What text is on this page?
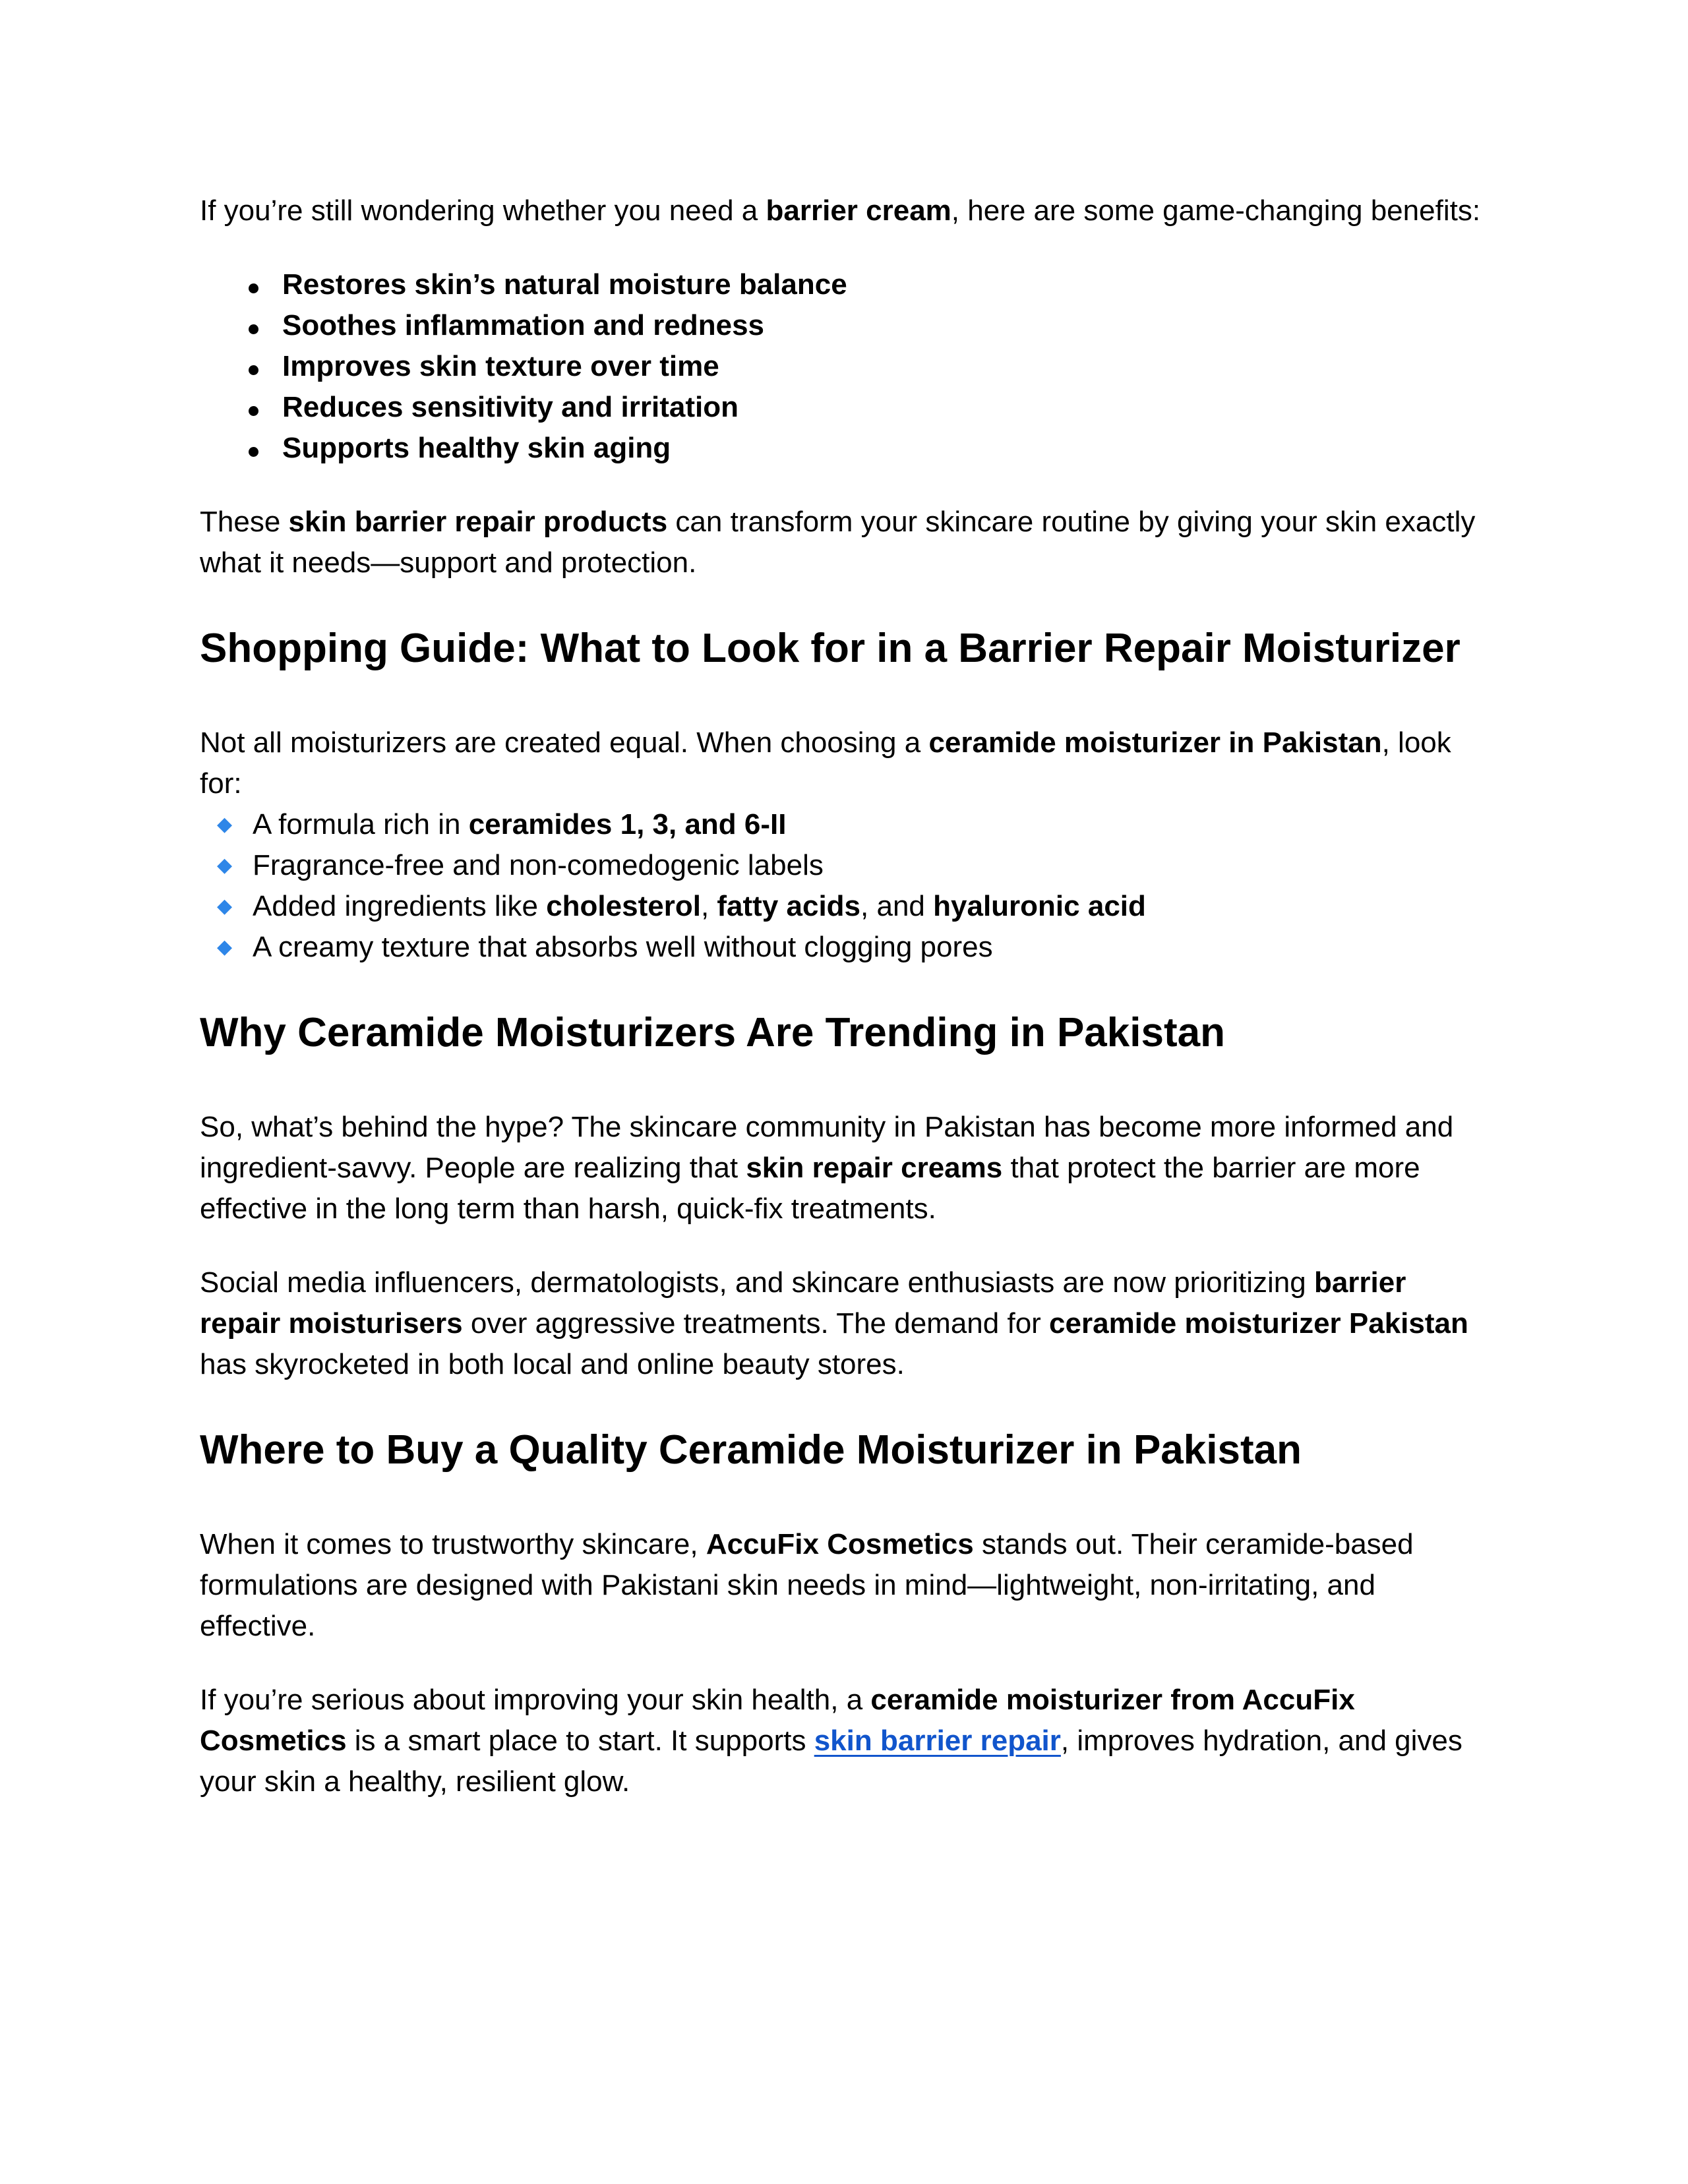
If you’re still wondering whether you need a barrier cream, here are some game-changing benefits:

Restores skin’s natural moisture balance
Soothes inflammation and redness
Improves skin texture over time
Reduces sensitivity and irritation
Supports healthy skin aging

These skin barrier repair products can transform your skincare routine by giving your skin exactly what it needs—support and protection.

Shopping Guide: What to Look for in a Barrier Repair Moisturizer

Not all moisturizers are created equal. When choosing a ceramide moisturizer in Pakistan, look for:

◆ A formula rich in ceramides 1, 3, and 6-II
◆ Fragrance-free and non-comedogenic labels
◆ Added ingredients like cholesterol, fatty acids, and hyaluronic acid
◆ A creamy texture that absorbs well without clogging pores
Why Ceramide Moisturizers Are Trending in Pakistan

So, what’s behind the hype? The skincare community in Pakistan has become more informed and ingredient-savvy. People are realizing that skin repair creams that protect the barrier are more effective in the long term than harsh, quick-fix treatments.

Social media influencers, dermatologists, and skincare enthusiasts are now prioritizing barrier repair moisturisers over aggressive treatments. The demand for ceramide moisturizer Pakistan has skyrocketed in both local and online beauty stores.

Where to Buy a Quality Ceramide Moisturizer in Pakistan

When it comes to trustworthy skincare, AccuFix Cosmetics stands out. Their ceramide-based formulations are designed with Pakistani skin needs in mind—lightweight, non-irritating, and effective.

If you’re serious about improving your skin health, a ceramide moisturizer from AccuFix Cosmetics is a smart place to start. It supports skin barrier repair, improves hydration, and gives your skin a healthy, resilient glow.
